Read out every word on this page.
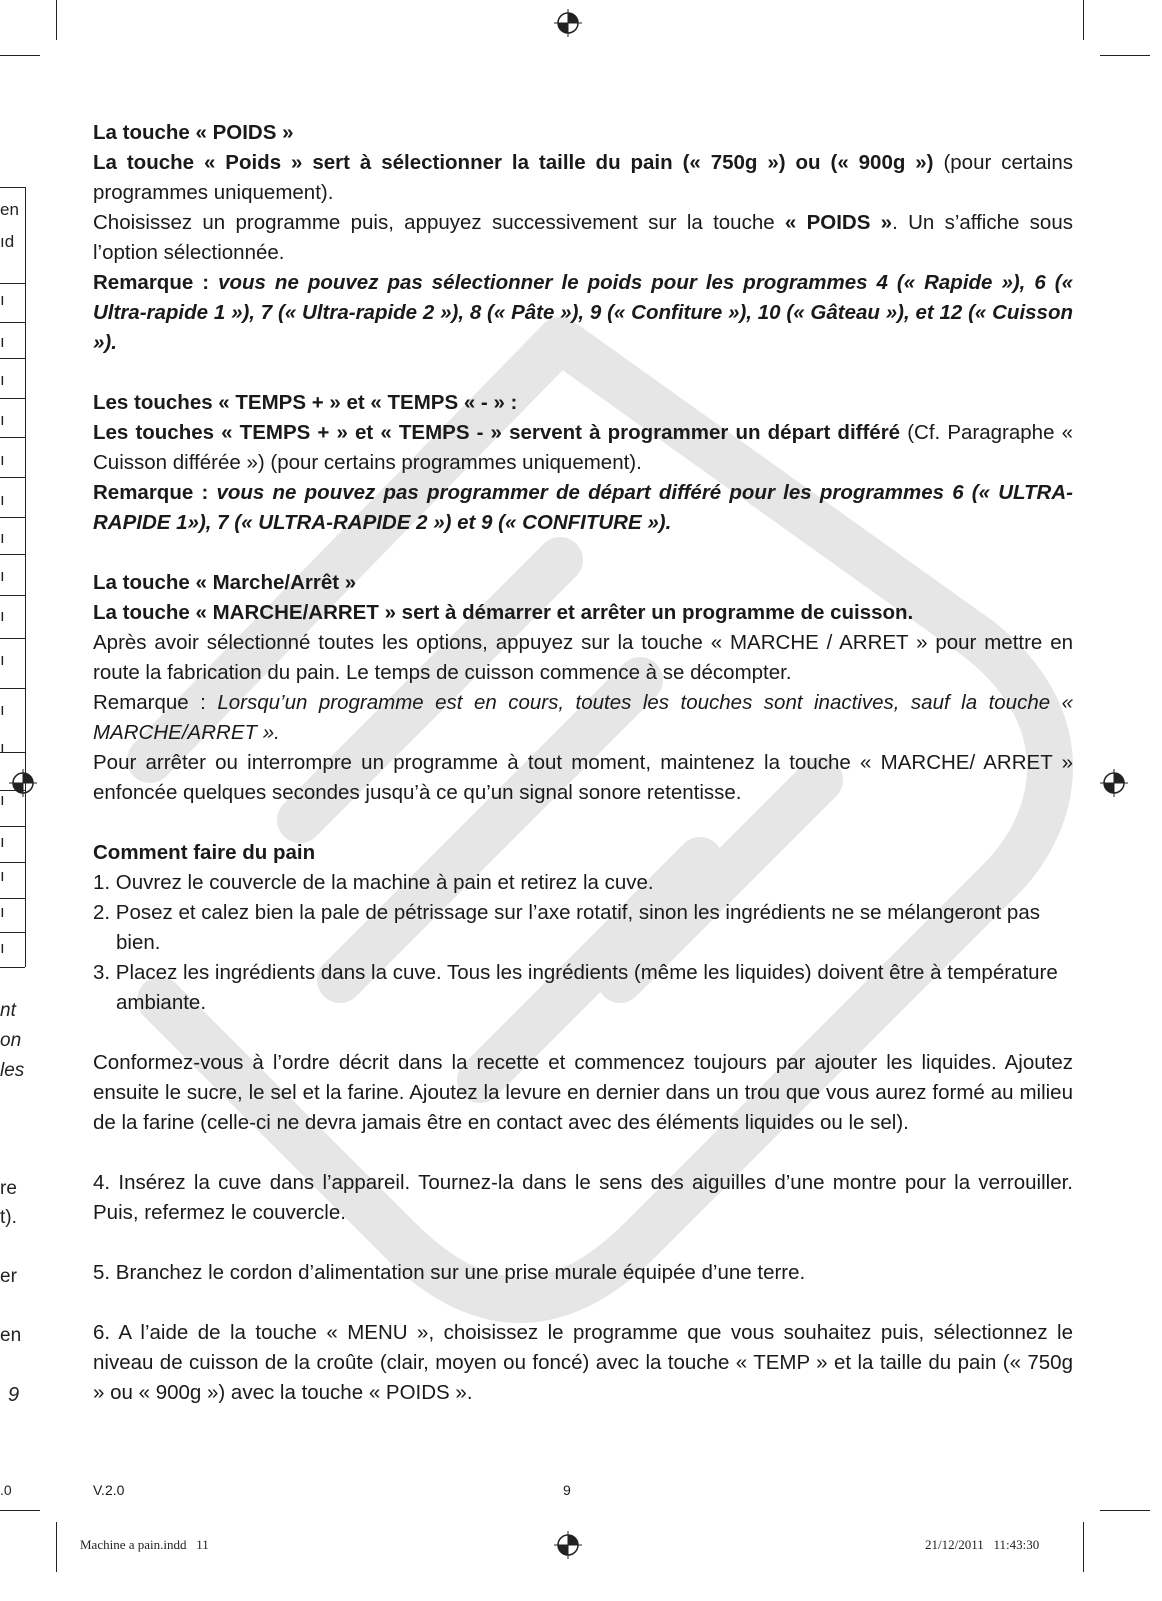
en
ıd
ı
ı
ı
ı
ı
ı
ı
ı
ı
ı
ı
ı
ı
ı
ı
ı
ı
nt
on
les
re
t).
er
en
9
.0

La touche « POIDS »

La touche « Poids » sert à sélectionner la taille du pain (« 750g ») ou (« 900g ») (pour certains programmes uniquement).

Choisissez un programme puis, appuyez successivement sur la touche « POIDS ». Un s’affiche sous l’option sélectionnée.

Remarque : vous ne pouvez pas sélectionner le poids pour les programmes 4 (« Rapide »), 6 (« Ultra-rapide 1 »), 7 (« Ultra-rapide 2 »), 8 (« Pâte »), 9 (« Confiture »), 10 (« Gâteau »), et 12 (« Cuisson »).

Les touches « TEMPS + » et « TEMPS « - » :

Les touches « TEMPS + » et « TEMPS - » servent à programmer un départ différé (Cf. Paragraphe « Cuisson différée ») (pour certains programmes uniquement).

Remarque : vous ne pouvez pas programmer de départ différé pour les programmes 6 (« ULTRA-RAPIDE 1»), 7 (« ULTRA-RAPIDE 2 ») et 9 (« CONFITURE »).

La touche « Marche/Arrêt »

La touche « MARCHE/ARRET » sert à démarrer et arrêter un programme de cuisson.

Après avoir sélectionné toutes les options, appuyez sur la touche « MARCHE / ARRET » pour mettre en route la fabrication du pain. Le temps de cuisson commence à se décompter.

Remarque : Lorsqu’un programme est en cours, toutes les touches sont inactives, sauf la touche « MARCHE/ARRET ».

Pour arrêter ou interrompre un programme à tout moment, maintenez la touche « MARCHE/ ARRET » enfoncée quelques secondes jusqu’à ce qu’un signal sonore retentisse.

Comment faire du pain

1. Ouvrez le couvercle de la machine à pain et retirez la cuve.
2. Posez et calez bien la pale de pétrissage sur l’axe rotatif, sinon les ingrédients ne se mélangeront pas bien.
3. Placez les ingrédients dans la cuve. Tous les ingrédients (même les liquides) doivent être à température ambiante.

Conformez-vous à l’ordre décrit dans la recette et commencez toujours par ajouter les liquides. Ajoutez ensuite le sucre, le sel et la farine. Ajoutez la levure en dernier dans un trou que vous aurez formé au milieu de la farine (celle-ci ne devra jamais être en contact avec des éléments liquides ou le sel).

4. Insérez la cuve dans l’appareil. Tournez-la dans le sens des aiguilles d’une montre pour la verrouiller. Puis, refermez le couvercle.

5. Branchez le cordon d’alimentation sur une prise murale équipée d’une terre.

6. A l’aide de la touche « MENU », choisissez le programme que vous souhaitez puis, sélectionnez le niveau de cuisson de la croûte (clair, moyen ou foncé) avec la touche « TEMP » et la taille du pain (« 750g » ou « 900g ») avec la touche « POIDS ».

V.2.0	9
Machine a pain.indd   11	21/12/2011   11:43:30
